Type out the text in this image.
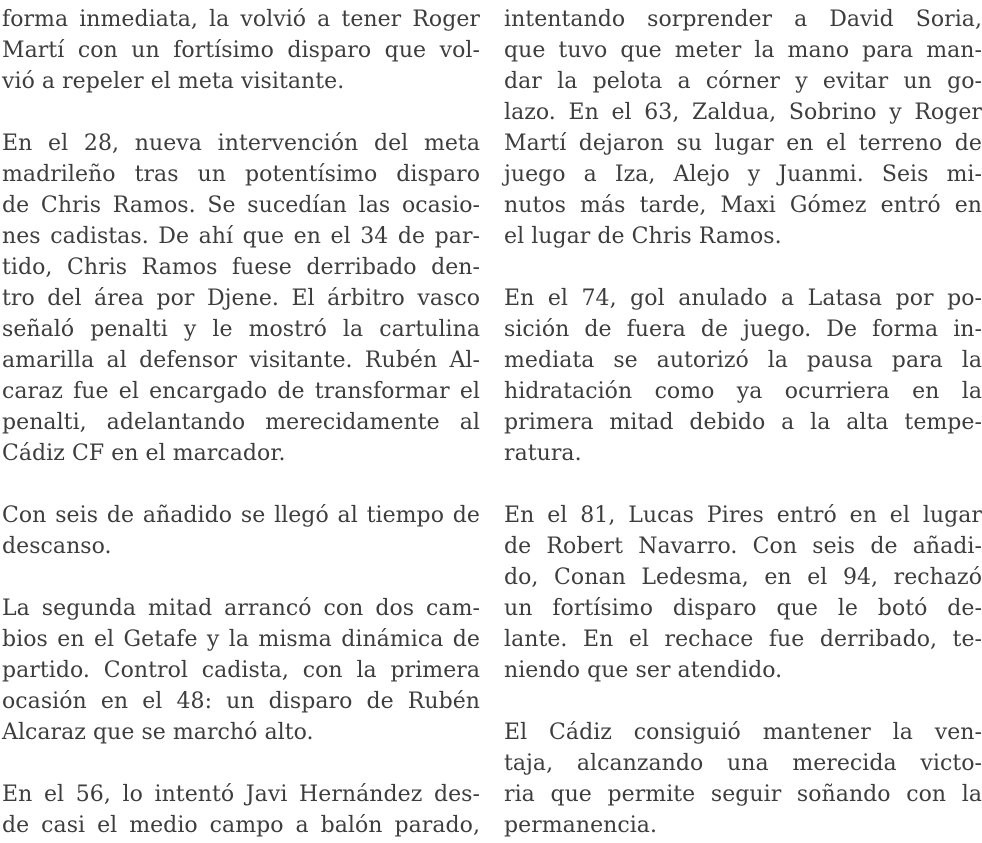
forma inmediata, la volvió a tener Roger
Martí con un fortísimo disparo que vol-
vió a repeler el meta visitante.

En el 28, nueva intervención del meta
madrileño tras un potentísimo disparo
de Chris Ramos. Se sucedían las ocasio-
nes cadistas. De ahí que en el 34 de par-
tido, Chris Ramos fuese derribado den-
tro del área por Djene. El árbitro vasco
señaló penalti y le mostró la cartulina
amarilla al defensor visitante. Rubén Al-
caraz fue el encargado de transformar el
penalti, adelantando merecidamente al
Cádiz CF en el marcador.

Con seis de añadido se llegó al tiempo de
descanso.

La segunda mitad arrancó con dos cam-
bios en el Getafe y la misma dinámica de
partido. Control cadista, con la primera
ocasión en el 48: un disparo de Rubén
Alcaraz que se marchó alto.

En el 56, lo intentó Javi Hernández des-
de casi el medio campo a balón parado,

intentando sorprender a David Soria,
que tuvo que meter la mano para man-
dar la pelota a córner y evitar un go-
lazo. En el 63, Zaldua, Sobrino y Roger
Martí dejaron su lugar en el terreno de
juego a Iza, Alejo y Juanmi. Seis mi-
nutos más tarde, Maxi Gómez entró en
el lugar de Chris Ramos.

En el 74, gol anulado a Latasa por po-
sición de fuera de juego. De forma in-
mediata se autorizó la pausa para la
hidratación como ya ocurriera en la
primera mitad debido a la alta tempe-
ratura.

En el 81, Lucas Pires entró en el lugar
de Robert Navarro. Con seis de añadi-
do, Conan Ledesma, en el 94, rechazó
un fortísimo disparo que le botó de-
lante. En el rechace fue derribado, te-
niendo que ser atendido.

El Cádiz consiguió mantener la ven-
taja, alcanzando una merecida victo-
ria que permite seguir soñando con la
permanencia.
